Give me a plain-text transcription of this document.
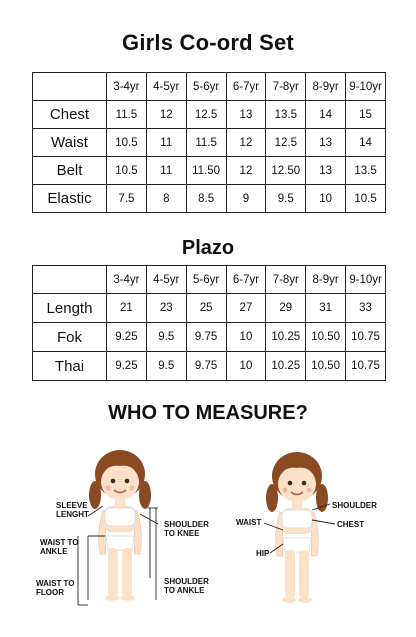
Girls Co-ord Set
	3-4yr	4-5yr	5-6yr	6-7yr	7-8yr	8-9yr	9-10yr
Chest	11.5	12	12.5	13	13.5	14	15
Waist	10.5	11	11.5	12	12.5	13	14
Belt	10.5	11	11.50	12	12.50	13	13.5
Elastic	7.5	8	8.5	9	9.5	10	10.5
Plazo
	3-4yr	4-5yr	5-6yr	6-7yr	7-8yr	8-9yr	9-10yr
Length	21	23	25	27	29	31	33
Fok	9.25	9.5	9.75	10	10.25	10.50	10.75
Thai	9.25	9.5	9.75	10	10.25	10.50	10.75
WHO TO MEASURE?
SLEEVE
LENGHT
WAIST TO
ANKLE
WAIST TO
FLOOR
SHOULDER
TO KNEE
SHOULDER
TO ANKLE
SHOULDER
CHEST
WAIST
HIP
